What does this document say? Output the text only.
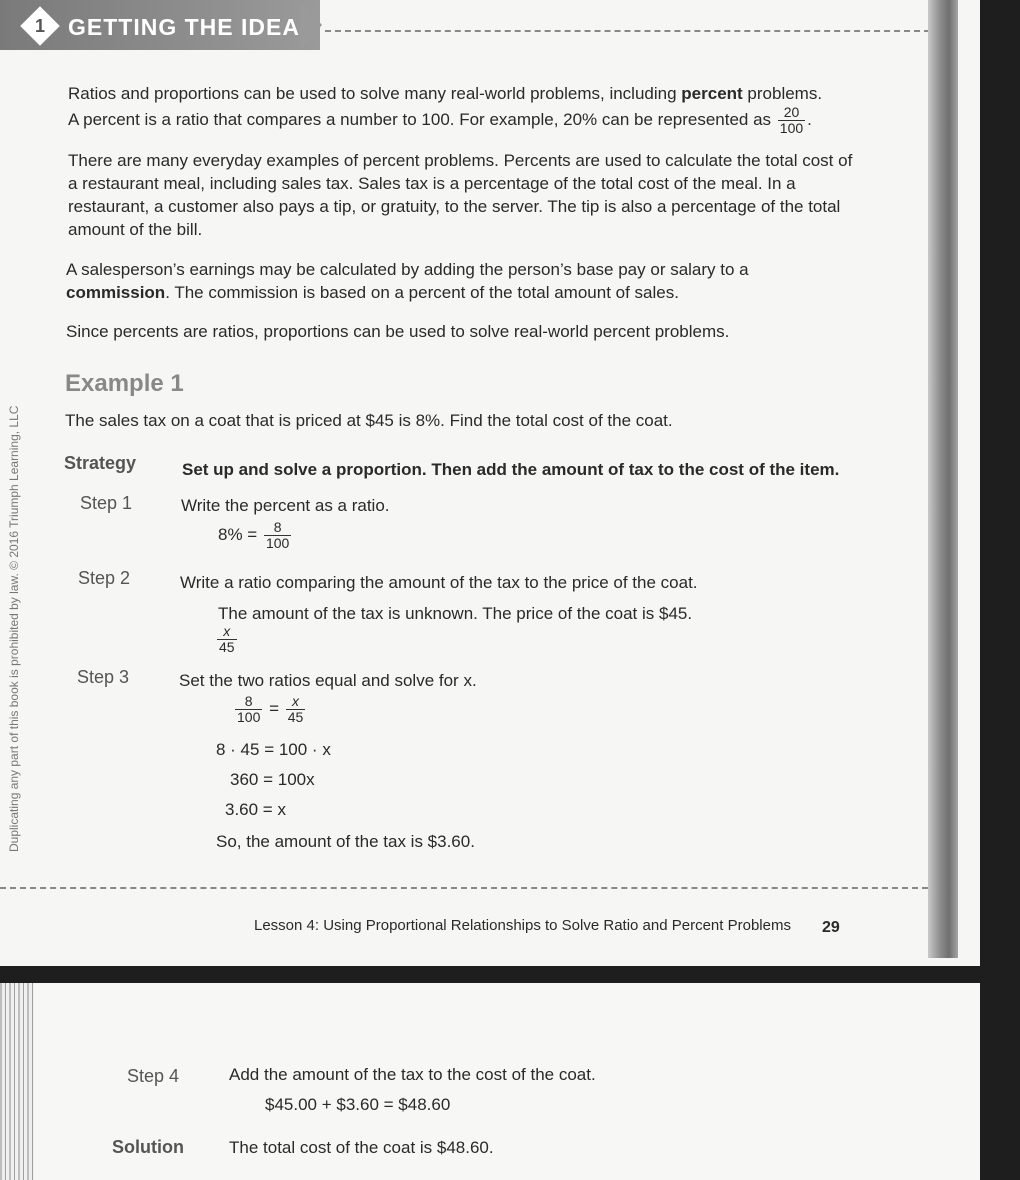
1	GETTING THE IDEA
Duplicating any part of this book is prohibited by law. © 2016 Triumph Learning, LLC

Ratios and proportions can be used to solve many real-world problems, including percent problems.
A percent is a ratio that compares a number to 100. For example, 20% can be represented as $\frac{20}{100}$ .

There are many everyday examples of percent problems. Percents are used to calculate the total cost of a restaurant meal, including sales tax. Sales tax is a percentage of the total cost of the meal. In a restaurant, a customer also pays a tip, or gratuity, to the server. The tip is also a percentage of the total amount of the bill.

A salesperson’s earnings may be calculated by adding the person’s base pay or salary to a commission. The commission is based on a percent of the total amount of sales.

Since percents are ratios, proportions can be used to solve real-world percent problems.

Example 1

The sales tax on a coat that is priced at $45 is 8%. Find the total cost of the coat.

Strategy	Set up and solve a proportion. Then add the amount of tax to the cost of the item.

Step 1	Write the percent as a ratio.

$8\% = \frac{8}{100}$
Step 2	Write a ratio comparing the amount of the tax to the price of the coat.

The amount of the tax is unknown. The price of the coat is $45.

$\frac{x}{45}$
Step 3	Set the two ratios equal and solve for x.

$\frac{8}{100} = \frac{x}{45}$

8 · 45 = 100 · x

360 = 100x

3.60 = x

So, the amount of the tax is $3.60.

Lesson 4: Using Proportional Relationships to Solve Ratio and Percent Problems 29
Step 4	Add the amount of the tax to the cost of the coat.

$45.00 + $3.60 = $48.60

Solution	The total cost of the coat is $48.60.
